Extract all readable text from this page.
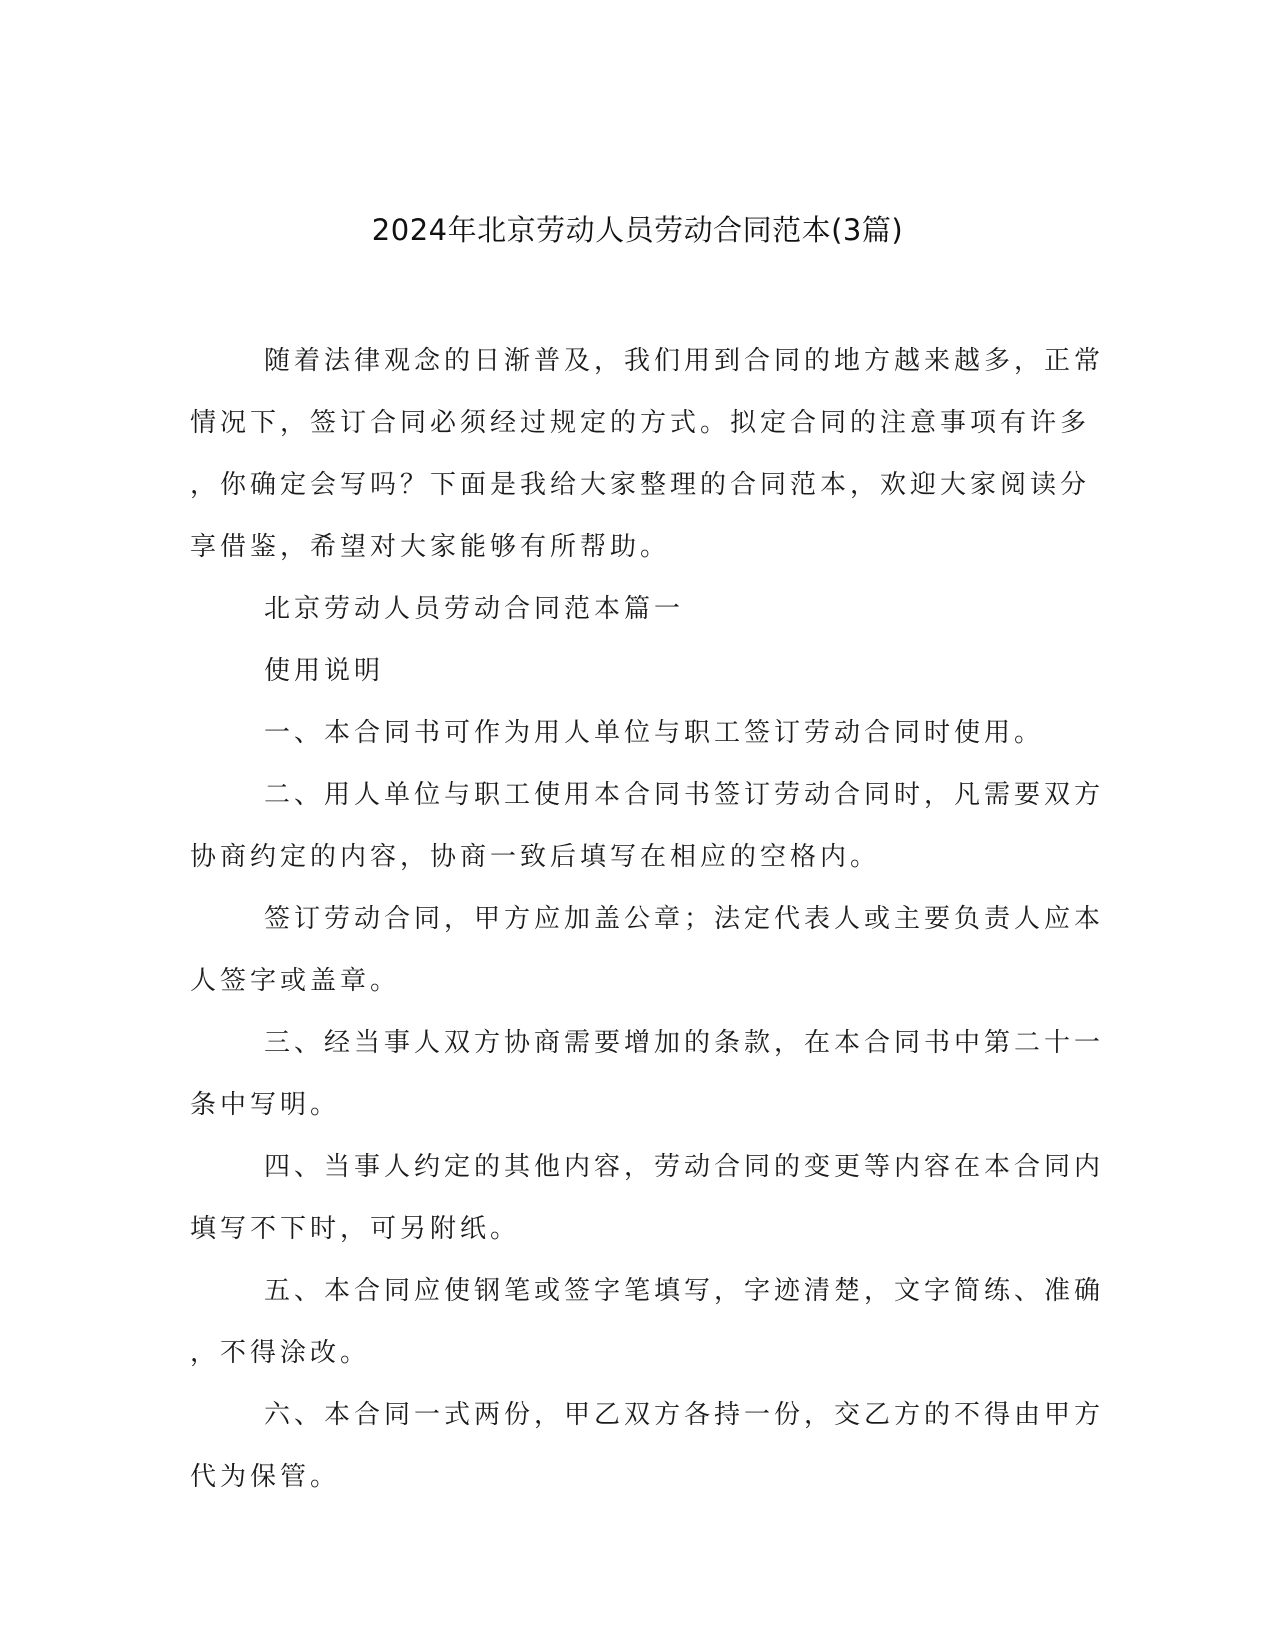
2024年北京劳动人员劳动合同范本(3篇)

随着法律观念的日渐普及，我们用到合同的地方越来越多，正常
情况下，签订合同必须经过规定的方式。拟定合同的注意事项有许多
，你确定会写吗？下面是我给大家整理的合同范本，欢迎大家阅读分
享借鉴，希望对大家能够有所帮助。

北京劳动人员劳动合同范本篇一

使用说明

一、本合同书可作为用人单位与职工签订劳动合同时使用。

二、用人单位与职工使用本合同书签订劳动合同时，凡需要双方
协商约定的内容，协商一致后填写在相应的空格内。

签订劳动合同，甲方应加盖公章；法定代表人或主要负责人应本
人签字或盖章。

三、经当事人双方协商需要增加的条款，在本合同书中第二十一
条中写明。

四、当事人约定的其他内容，劳动合同的变更等内容在本合同内
填写不下时，可另附纸。

五、本合同应使钢笔或签字笔填写，字迹清楚，文字简练、准确
，不得涂改。

六、本合同一式两份，甲乙双方各持一份，交乙方的不得由甲方
代为保管。
